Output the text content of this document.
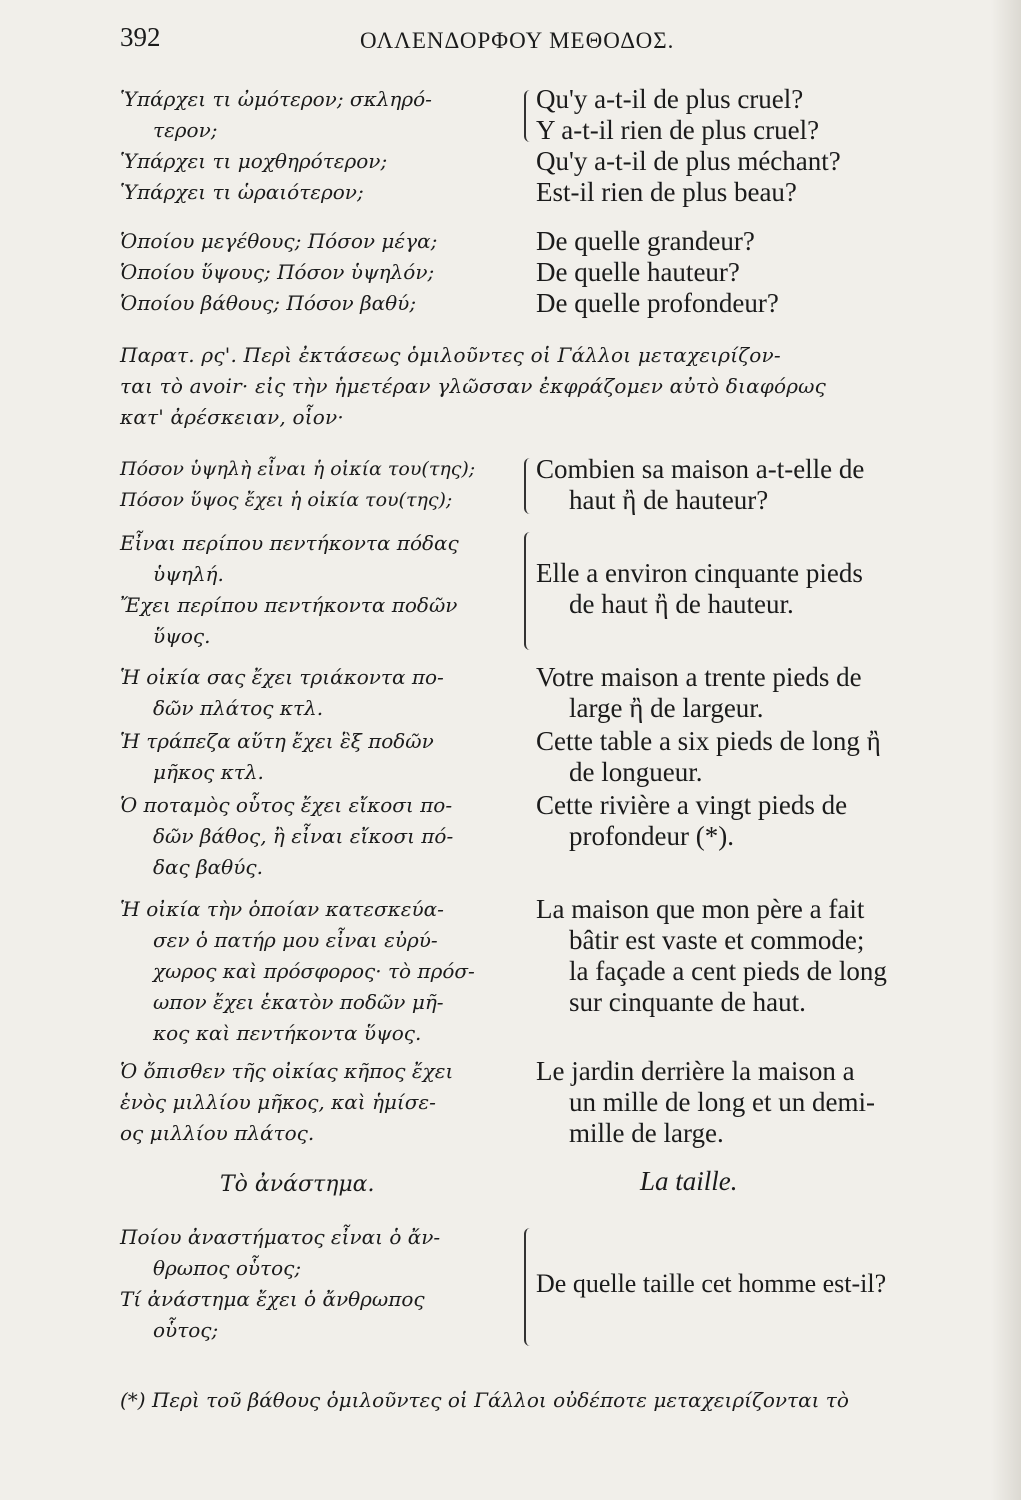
392	ΟΛΛΕΝΔΟΡΦΟΥ ΜΕΘΟΔΟΣ.
Ὑπάρχει τι ὠμότερον; σκληρό-
τερον;
Ὑπάρχει τι μοχθηρότερον;
Ὑπάρχει τι ὡραιότερον;
Qu'y a-t-il de plus cruel?
Y a-t-il rien de plus cruel?
Qu'y a-t-il de plus méchant?
Est-il rien de plus beau?
Ὁποίου μεγέθους; Πόσον μέγα;
Ὁποίου ὕψους; Πόσον ὑψηλόν;
Ὁποίου βάθους; Πόσον βαθύ;
De quelle grandeur?
De quelle hauteur?
De quelle profondeur?
Παρατ. ρς'. Περὶ ἐκτάσεως ὁμιλοῦντες οἱ Γάλλοι μεταχειρίζον-
ται τὸ avoir· εἰς τὴν ἡμετέραν γλῶσσαν ἐκφράζομεν αὐτὸ διαφόρως
κατ' ἀρέσκειαν, οἷον·
Πόσον ὑψηλὴ εἶναι ἡ οἰκία του(της);
Πόσον ὕψος ἔχει ἡ οἰκία του(της);
Combien sa maison a-t-elle de
haut ἢ de hauteur?
Εἶναι περίπου πεντήκοντα πόδας
ὑψηλή.
Ἔχει περίπου πεντήκοντα ποδῶν
ὕψος.
Elle a environ cinquante pieds
de haut ἢ de hauteur.
Ἡ οἰκία σας ἔχει τριάκοντα πο-
δῶν πλάτος κτλ.
Votre maison a trente pieds de
large ἢ de largeur.
Ἡ τράπεζα αὕτη ἔχει ἓξ ποδῶν
μῆκος κτλ.
Cette table a six pieds de long ἢ
de longueur.
Ὁ ποταμὸς οὗτος ἔχει εἴκοσι πο-
δῶν βάθος, ἢ εἶναι εἴκοσι πό-
δας βαθύς.
Cette rivière a vingt pieds de
profondeur (*).
Ἡ οἰκία τὴν ὁποίαν κατεσκεύα-
σεν ὁ πατήρ μου εἶναι εὐρύ-
χωρος καὶ πρόσφορος· τὸ πρόσ-
ωπον ἔχει ἑκατὸν ποδῶν μῆ-
κος καὶ πεντήκοντα ὕψος.
La maison que mon père a fait
bâtir est vaste et commode;
la façade a cent pieds de long
sur cinquante de haut.
Ὁ ὄπισθεν τῆς οἰκίας κῆπος ἔχει
ἑνὸς μιλλίου μῆκος, καὶ ἡμίσε-
ος μιλλίου πλάτος.
Le jardin derrière la maison a
un mille de long et un demi-
mille de large.
Τὸ ἀνάστημα.	La taille.
Ποίου ἀναστήματος εἶναι ὁ ἄν-
θρωπος οὗτος;
Τί ἀνάστημα ἔχει ὁ ἄνθρωπος
οὗτος;
De quelle taille cet homme est-il?
(*) Περὶ τοῦ βάθους ὁμιλοῦντες οἱ Γάλλοι οὐδέποτε μεταχειρίζονται τὸ
